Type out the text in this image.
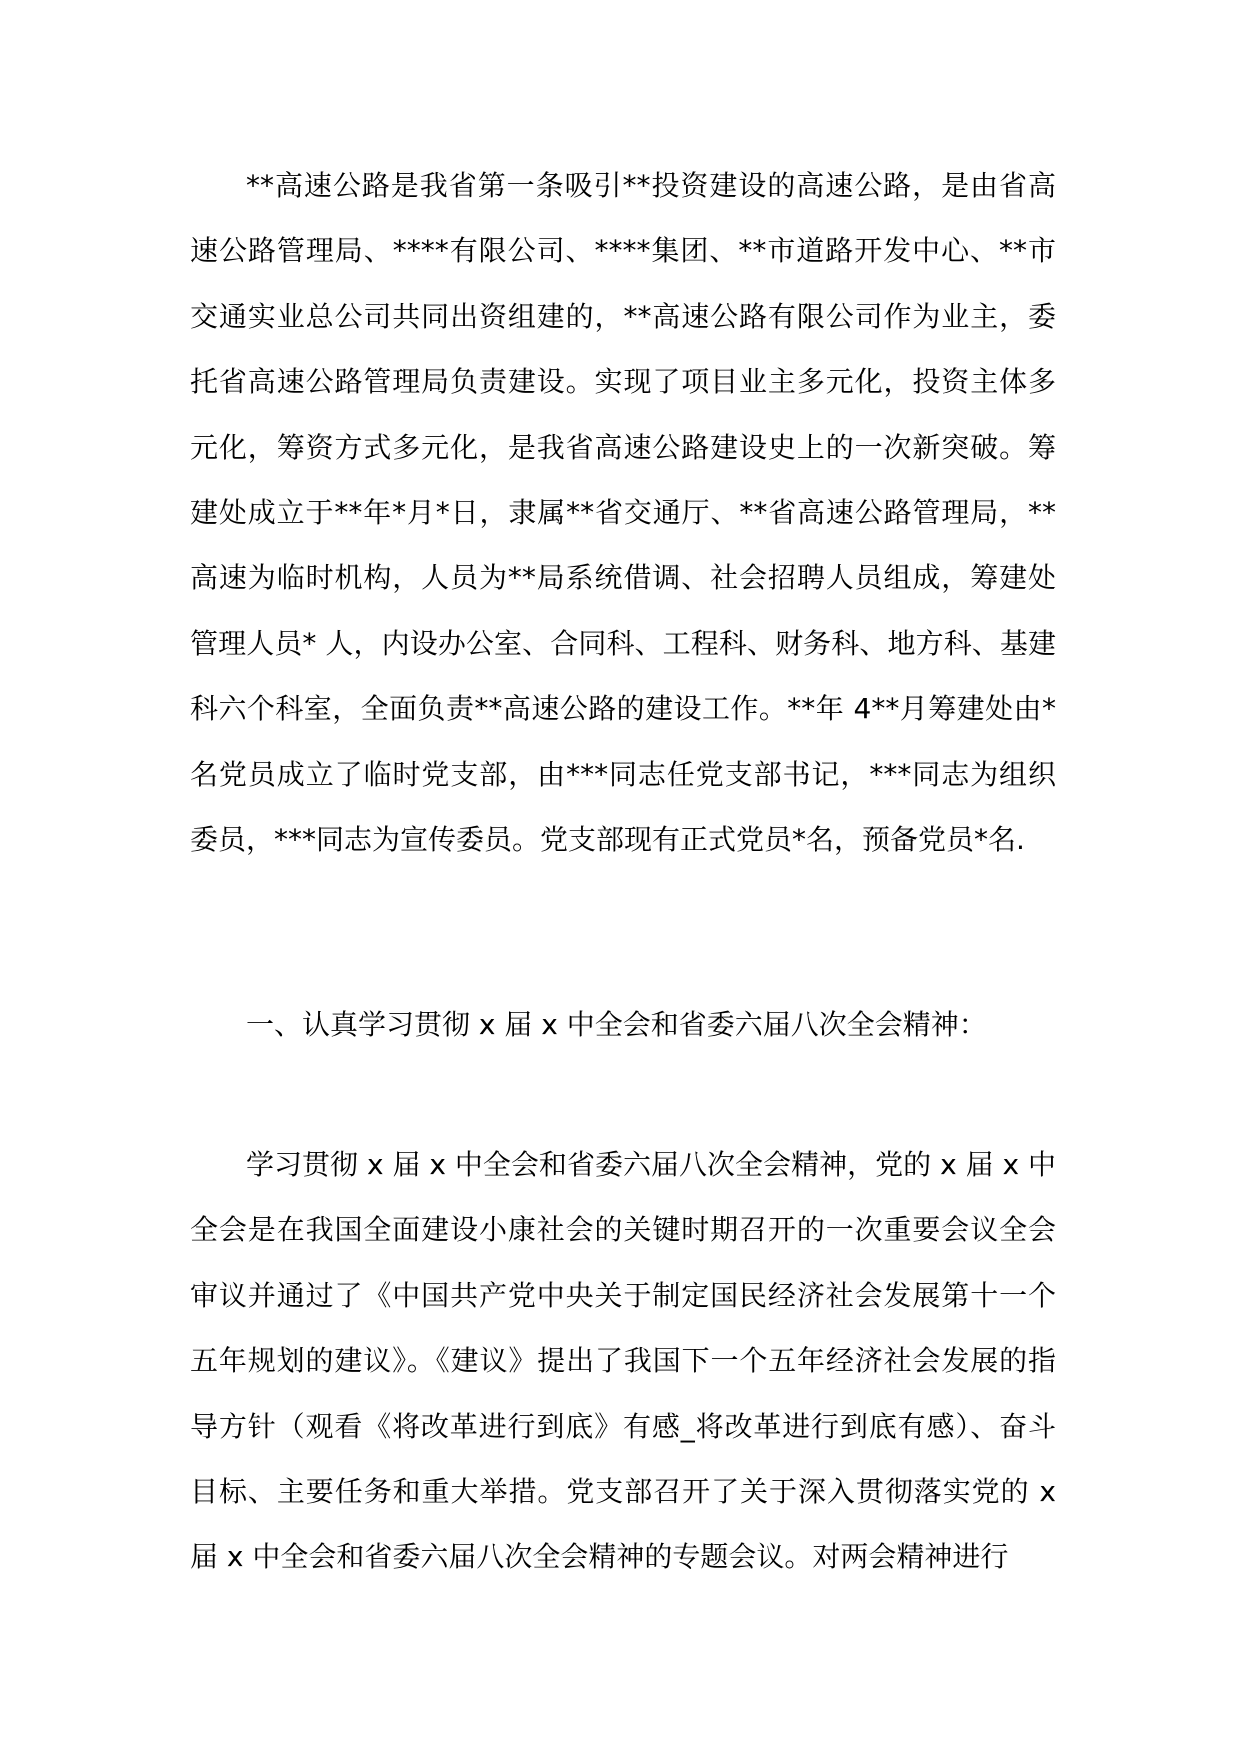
**高速公路是我省第一条吸引**投资建设的高速公路，是由省高速公路管理局、****有限公司、****集团、**市道路开发中心、**市交通实业总公司共同出资组建的，**高速公路有限公司作为业主，委托省高速公路管理局负责建设。实现了项目业主多元化，投资主体多元化，筹资方式多元化，是我省高速公路建设史上的一次新突破。筹建处成立于**年*月*日，隶属**省交通厅、**省高速公路管理局，**高速为临时机构，人员为**局系统借调、社会招聘人员组成，筹建处管理人员* 人，内设办公室、合同科、工程科、财务科、地方科、基建科六个科室，全面负责**高速公路的建设工作。**年 4**月筹建处由*名党员成立了临时党支部，由***同志任党支部书记，***同志为组织委员，***同志为宣传委员。党支部现有正式党员*名，预备党员*名.

一、认真学习贯彻 x 届 x 中全会和省委六届八次全会精神：

学习贯彻 x 届 x 中全会和省委六届八次全会精神，党的 x 届 x 中全会是在我国全面建设小康社会的关键时期召开的一次重要会议全会审议并通过了《中国共产党中央关于制定国民经济社会发展第十一个五年规划的建议》。《建议》提出了我国下一个五年经济社会发展的指导方针（观看《将改革进行到底》有感_将改革进行到底有感）、奋斗目标、主要任务和重大举措。党支部召开了关于深入贯彻落实党的 x 届 x 中全会和省委六届八次全会精神的专题会议。对两会精神进行
